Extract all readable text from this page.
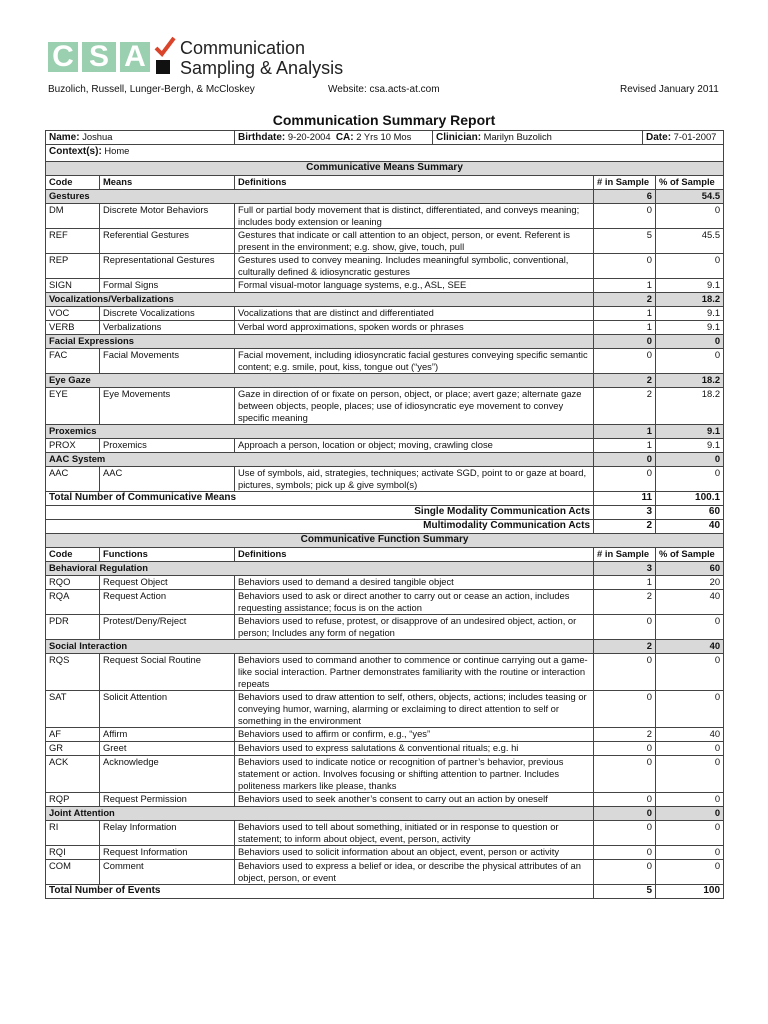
C S A Communication
Sampling & Analysis
Buzolich, Russell, Lunger-Bergh, & McCloskey	Website: csa.acts-at.com	Revised January 2011
Communication Summary Report
Name: Joshua		Birthdate: 9-20-2004 CA: 2 Yrs 10 Mos Clinician: Marilyn Buzolich Date: 7-01-2007		

Context(s): Home				
Communicative Means Summary				
Code	Means	Definitions	# in Sample	% of Sample
Gestures			6	54.5
DM	Discrete Motor Behaviors	Full or partial body movement that is distinct, differentiated, and conveys meaning; includes body extension or leaning	0	0
REF	Referential Gestures	Gestures that indicate or call attention to an object, person, or event. Referent is present in the environment; e.g. show, give, touch, pull	5	45.5
REP	Representational Gestures	Gestures used to convey meaning. Includes meaningful symbolic, conventional, culturally defined & idiosyncratic gestures	0	0
SIGN	Formal Signs	Formal visual-motor language systems, e.g., ASL, SEE	1	9.1
Vocalizations/Verbalizations			2	18.2
VOC	Discrete Vocalizations	Vocalizations that are distinct and differentiated	1	9.1
VERB	Verbalizations	Verbal word approximations, spoken words or phrases	1	9.1
Facial Expressions			0	0
FAC	Facial Movements	Facial movement, including idiosyncratic facial gestures conveying specific semantic content; e.g. smile, pout, kiss, tongue out (“yes”)	0	0
Eye Gaze			2	18.2
EYE	Eye Movements	Gaze in direction of or fixate on person, object, or place; avert gaze; alternate gaze between objects, people, places; use of idiosyncratic eye movement to convey specific meaning	2	18.2
Proxemics			1	9.1
PROX	Proxemics	Approach a person, location or object; moving, crawling close	1	9.1
AAC System			0	0
AAC	AAC	Use of symbols, aid, strategies, techniques; activate SGD, point to or gaze at board, pictures, symbols; pick up & give symbol(s)	0	0
Total Number of Communicative Means			11	100.1
Single Modality Communication Acts			3	60
Multimodality Communication Acts			2	40
Communicative Function Summary				
Code	Functions	Definitions	# in Sample	% of Sample
Behavioral Regulation			3	60
RQO	Request Object	Behaviors used to demand a desired tangible object	1	20
RQA	Request Action	Behaviors used to ask or direct another to carry out or cease an action, includes requesting assistance; focus is on the action	2	40
PDR	Protest/Deny/Reject	Behaviors used to refuse, protest, or disapprove of an undesired object, action, or person; Includes any form of negation	0	0
Social Interaction			2	40
RQS	Request Social Routine	Behaviors used to command another to commence or continue carrying out a game-like social interaction. Partner demonstrates familiarity with the routine or interaction repeats	0	0
SAT	Solicit Attention	Behaviors used to draw attention to self, others, objects, actions; includes teasing or conveying humor, warning, alarming or exclaiming to direct attention to self or something in the environment	0	0
AF	Affirm	Behaviors used to affirm or confirm, e.g., “yes”	2	40
GR	Greet	Behaviors used to express salutations & conventional rituals; e.g. hi	0	0
ACK	Acknowledge	Behaviors used to indicate notice or recognition of partner’s behavior, previous statement or action. Involves focusing or shifting attention to partner. Includes politeness markers like please, thanks	0	0
RQP	Request Permission	Behaviors used to seek another’s consent to carry out an action by oneself	0	0
Joint Attention			0	0
RI	Relay Information	Behaviors used to tell about something, initiated or in response to question or statement; to inform about object, event, person, activity	0	0
RQI	Request Information	Behaviors used to solicit information about an object, event, person or activity	0	0
COM	Comment	Behaviors used to express a belief or idea, or describe the physical attributes of an object, person, or event	0	0
Total Number of Events			5	100
